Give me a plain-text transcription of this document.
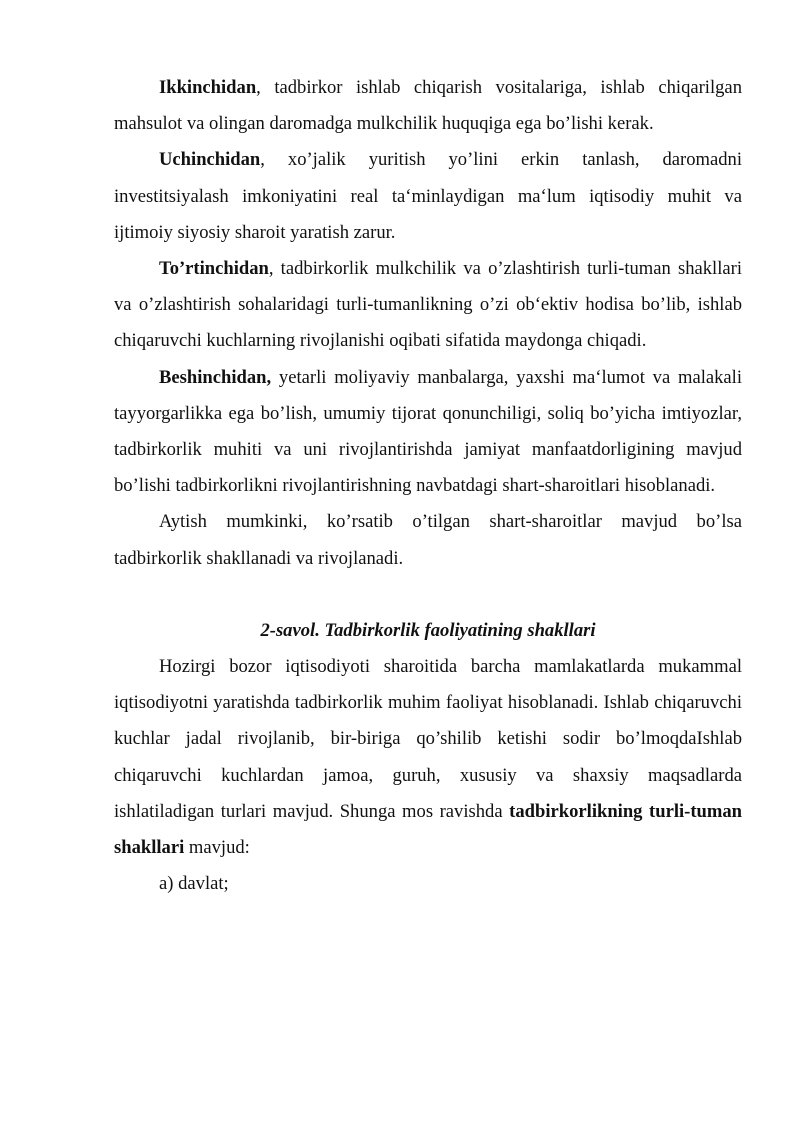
Ikkinchidan, tadbirkor ishlab chiqarish vositalariga, ishlab chiqarilgan mahsulot va olingan daromadga mulkchilik huquqiga ega bo’lishi kerak.

Uchinchidan, xo’jalik yuritish yo’lini erkin tanlash, daromadni investitsiyalash imkoniyatini real ta‘minlaydigan ma‘lum iqtisodiy muhit va ijtimoiy siyosiy sharoit yaratish zarur.

To’rtinchidan, tadbirkorlik mulkchilik va o’zlashtirish turli-tuman shakllari va o’zlashtirish sohalaridagi turli-tumanlikning o’zi ob‘ektiv hodisa bo’lib, ishlab chiqaruvchi kuchlarning rivojlanishi oqibati sifatida maydonga chiqadi.

Beshinchidan, yetarli moliyaviy manbalarga, yaxshi ma‘lumot va malakali tayyorgarlikka ega bo’lish, umumiy tijorat qonunchiligi, soliq bo’yicha imtiyozlar, tadbirkorlik muhiti va uni rivojlantirishda jamiyat manfaatdorligining mavjud bo’lishi tadbirkorlikni rivojlantirishning navbatdagi shart-sharoitlari hisoblanadi.

Aytish mumkinki, ko’rsatib o’tilgan shart-sharoitlar mavjud bo’lsa tadbirkorlik shakllanadi va rivojlanadi.

2-savol. Tadbirkorlik faoliyatining shakllari

Hozirgi bozor iqtisodiyoti sharoitida barcha mamlakatlarda mukammal iqtisodiyotni yaratishda tadbirkorlik muhim faoliyat hisoblanadi. Ishlab chiqaruvchi kuchlar jadal rivojlanib, bir-biriga qo’shilib ketishi sodir bo’lmoqdaIshlab chiqaruvchi kuchlardan jamoa, guruh, xususiy va shaxsiy maqsadlarda ishlatiladigan turlari mavjud. Shunga mos ravishda tadbirkorlikning turli-tuman shakllari mavjud:

a) davlat;
